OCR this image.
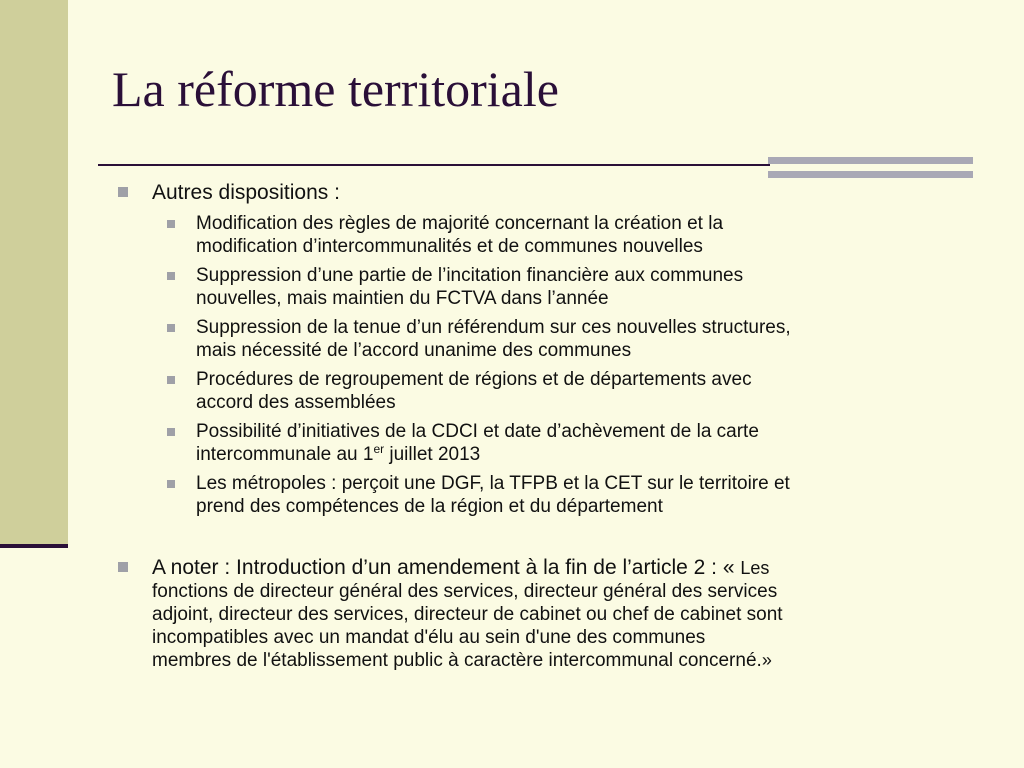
La réforme territoriale
Autres dispositions :
Modification des règles de majorité concernant la création et la
modification d’intercommunalités et de communes nouvelles
Suppression d’une partie de l’incitation financière aux communes
nouvelles, mais maintien du FCTVA dans l’année
Suppression de la tenue d’un référendum sur ces nouvelles structures,
mais nécessité de l’accord unanime des communes
Procédures de regroupement de régions et de départements avec
accord des assemblées
Possibilité d’initiatives de la CDCI et date d’achèvement de la carte
intercommunale au 1er juillet 2013
Les métropoles : perçoit une DGF, la TFPB et la CET sur le territoire et
prend des compétences de la région et du département
A noter : Introduction d’un amendement à la fin de l’article 2 : « Les
fonctions de directeur général des services, directeur général des services
adjoint, directeur des services, directeur de cabinet ou chef de cabinet sont
incompatibles avec un mandat d'élu au sein d'une des communes
membres de l'établissement public à caractère intercommunal concerné.»
